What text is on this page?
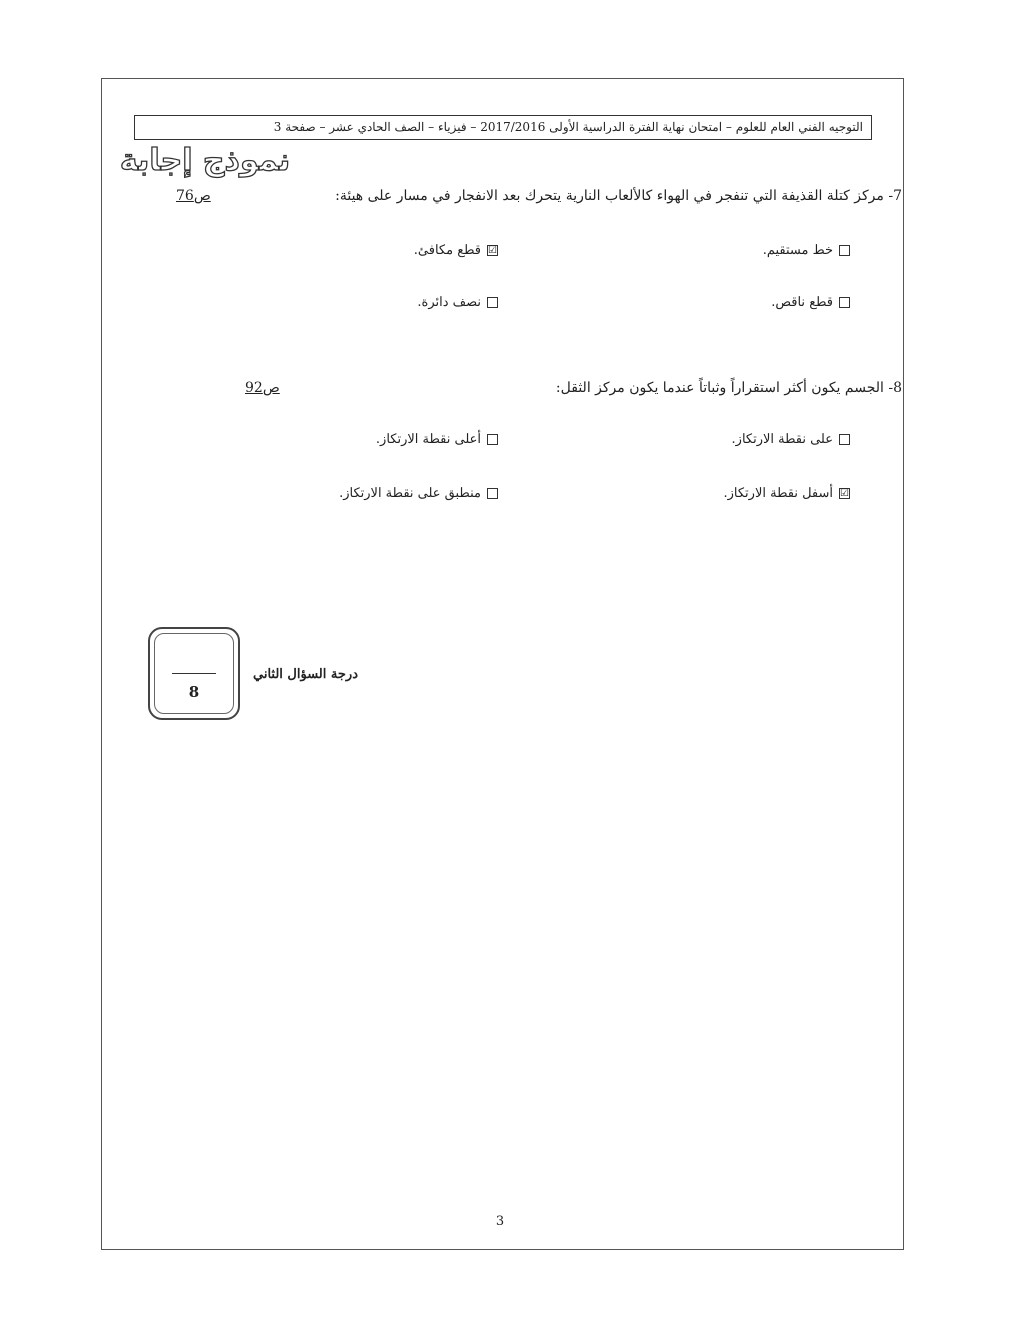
التوجيه الفني العام للعلوم – امتحان نهاية الفترة الدراسية الأولى 2017/2016 – فيزياء – الصف الحادي عشر – صفحة 3
نموذج إجابة
7- مركز كتلة القذيفة التي تنفجر في الهواء كالألعاب النارية يتحرك بعد الانفجار في مسار على هيئة:
ص76
خط مستقيم.
☑
قطع مكافئ.
قطع ناقص.
نصف دائرة.
8- الجسم يكون أكثر استقراراً وثباتاً عندما يكون مركز الثقل:
ص92
على نقطة الارتكاز.
أعلى نقطة الارتكاز.
☑
أسفل نقطة الارتكاز.
منطبق على نقطة الارتكاز.
8
درجة السؤال الثاني
3
